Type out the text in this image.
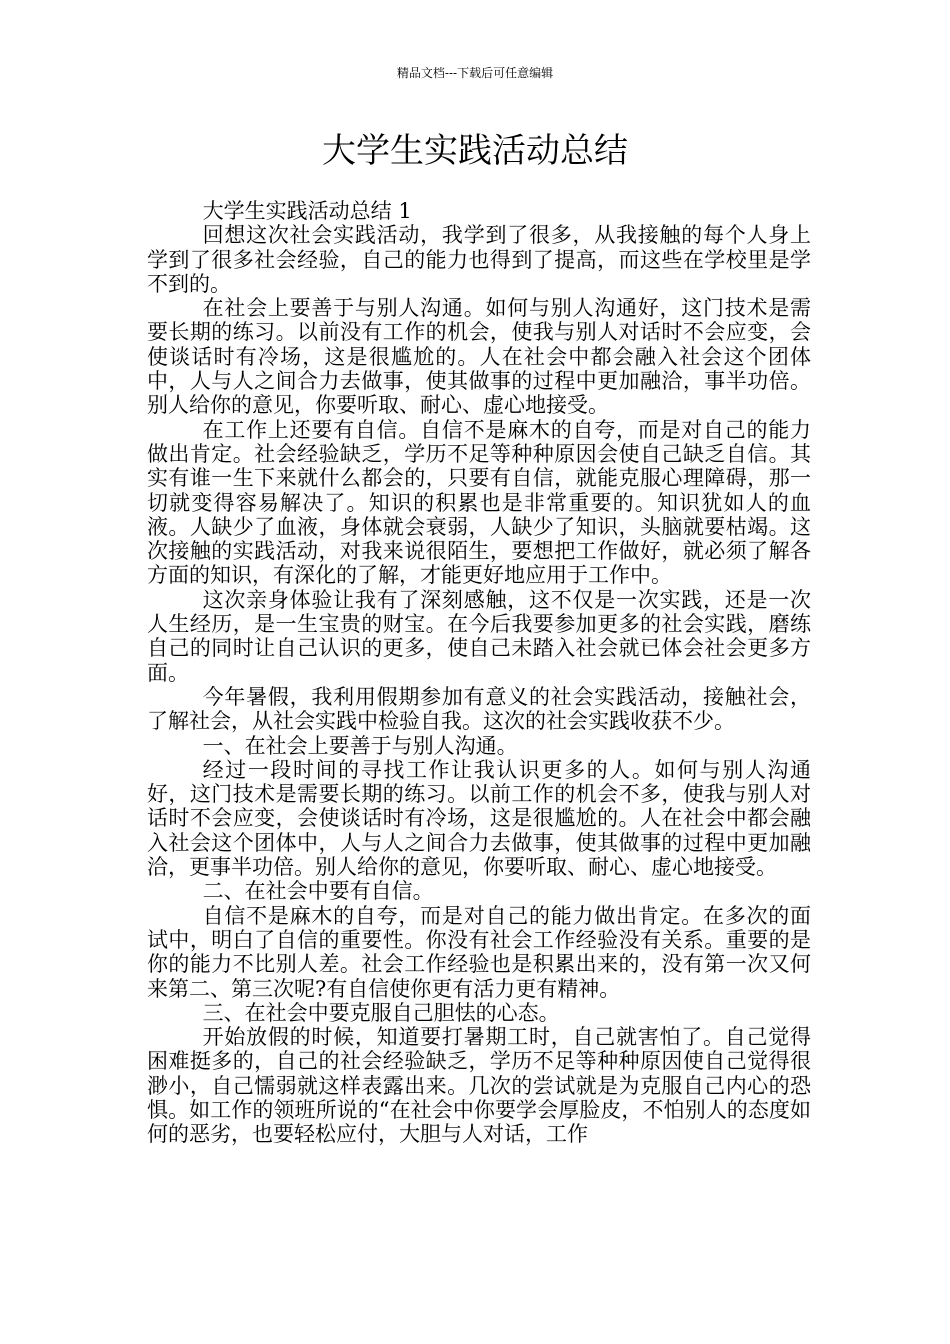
精品文档---下载后可任意编辑
大学生实践活动总结

大学生实践活动总结 1

回想这次社会实践活动，我学到了很多，从我接触的每个人身上学到了很多社会经验，自己的能力也得到了提高，而这些在学校里是学不到的。

在社会上要善于与别人沟通。如何与别人沟通好，这门技术是需要长期的练习。以前没有工作的机会，使我与别人对话时不会应变，会使谈话时有冷场，这是很尴尬的。人在社会中都会融入社会这个团体中，人与人之间合力去做事，使其做事的过程中更加融洽，事半功倍。别人给你的意见，你要听取、耐心、虚心地接受。

在工作上还要有自信。自信不是麻木的自夸，而是对自己的能力做出肯定。社会经验缺乏，学历不足等种种原因会使自己缺乏自信。其实有谁一生下来就什么都会的，只要有自信，就能克服心理障碍，那一切就变得容易解决了。知识的积累也是非常重要的。知识犹如人的血液。人缺少了血液，身体就会衰弱，人缺少了知识，头脑就要枯竭。这次接触的实践活动，对我来说很陌生，要想把工作做好，就必须了解各方面的知识，有深化的了解，才能更好地应用于工作中。

这次亲身体验让我有了深刻感触，这不仅是一次实践，还是一次人生经历，是一生宝贵的财宝。在今后我要参加更多的社会实践，磨练自己的同时让自己认识的更多，使自己未踏入社会就已体会社会更多方面。

今年暑假，我利用假期参加有意义的社会实践活动，接触社会，了解社会，从社会实践中检验自我。这次的社会实践收获不少。

一、在社会上要善于与别人沟通。

经过一段时间的寻找工作让我认识更多的人。如何与别人沟通好，这门技术是需要长期的练习。以前工作的机会不多，使我与别人对话时不会应变，会使谈话时有冷场，这是很尴尬的。人在社会中都会融入社会这个团体中，人与人之间合力去做事，使其做事的过程中更加融洽，更事半功倍。别人给你的意见，你要听取、耐心、虚心地接受。

二、在社会中要有自信。

自信不是麻木的自夸，而是对自己的能力做出肯定。在多次的面试中，明白了自信的重要性。你没有社会工作经验没有关系。重要的是你的能力不比别人差。社会工作经验也是积累出来的，没有第一次又何来第二、第三次呢?有自信使你更有活力更有精神。

三、在社会中要克服自己胆怯的心态。

开始放假的时候，知道要打暑期工时，自己就害怕了。自己觉得困难挺多的，自己的社会经验缺乏，学历不足等种种原因使自己觉得很渺小，自己懦弱就这样表露出来。几次的尝试就是为克服自己内心的恐惧。如工作的领班所说的“在社会中你要学会厚脸皮，不怕别人的态度如何的恶劣，也要轻松应付，大胆与人对话，工作
